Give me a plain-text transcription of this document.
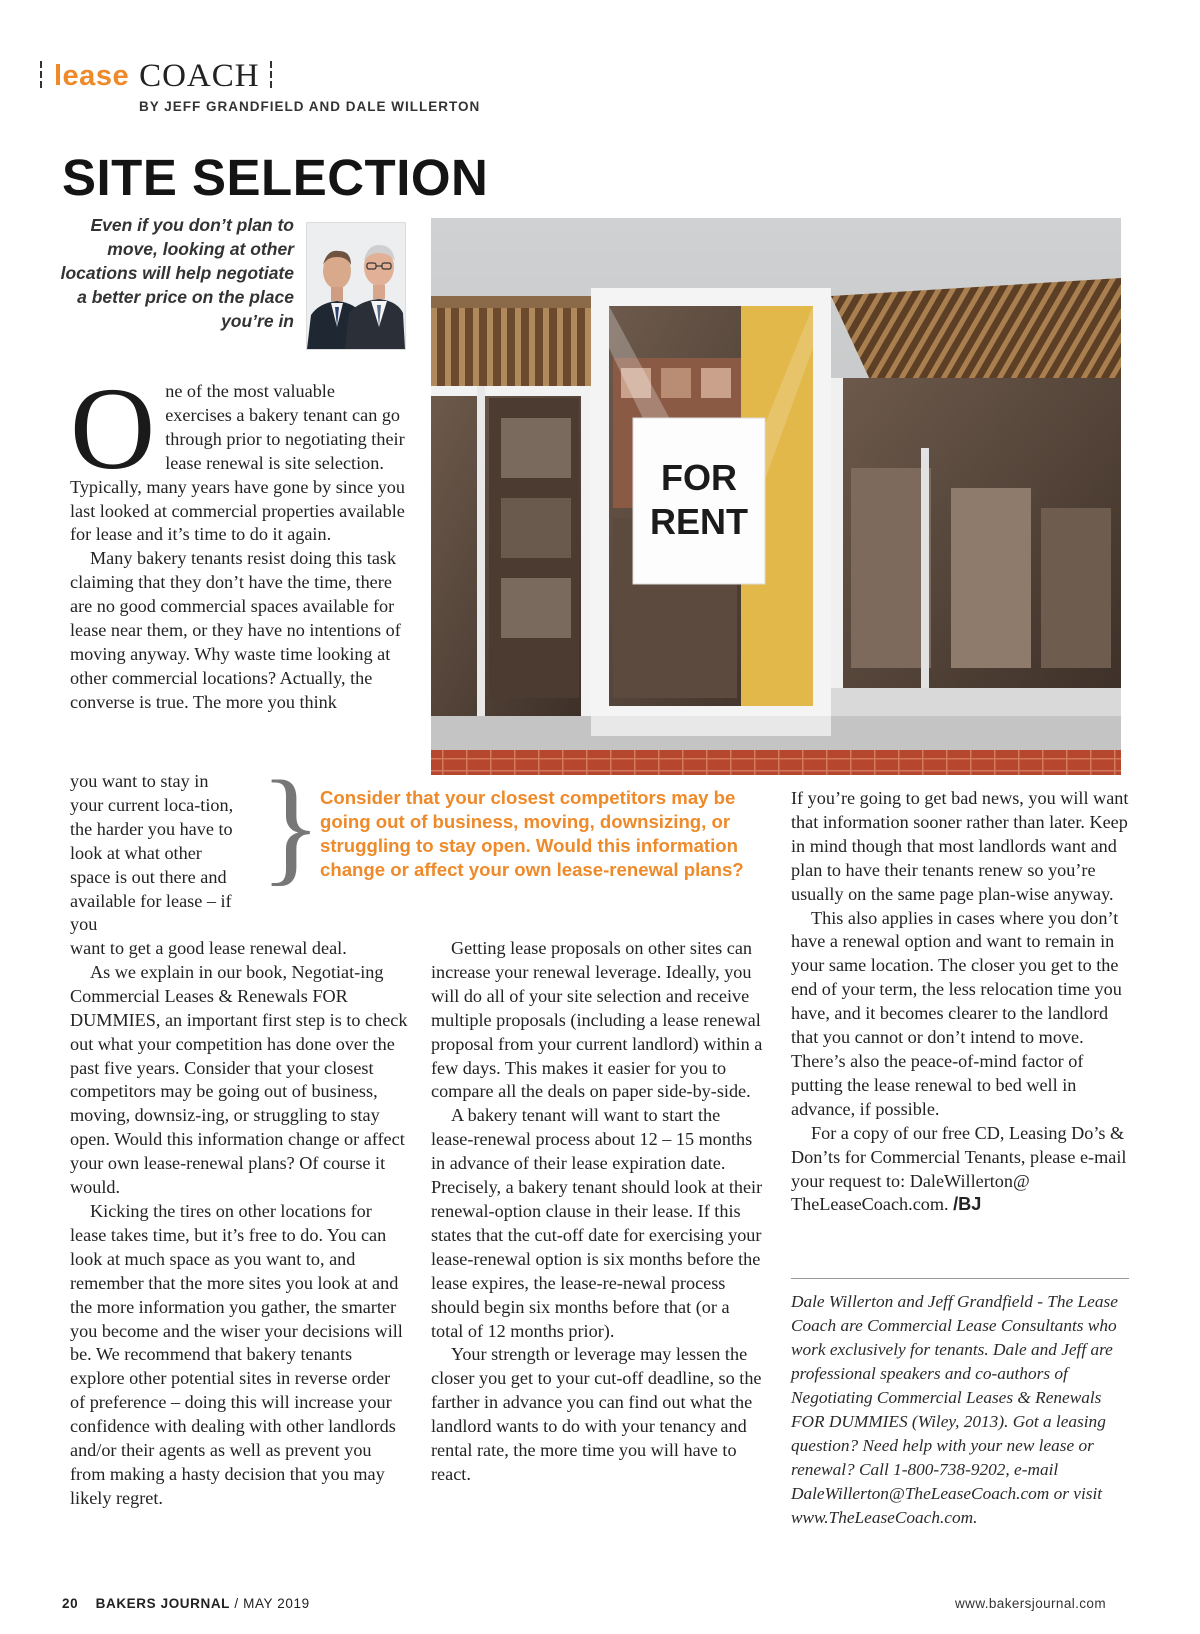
lease COACH
BY JEFF GRANDFIELD AND DALE WILLERTON
SITE SELECTION
Even if you don’t plan to move, looking at other locations will help negotiate a better price on the place you’re in
FOR
RENT
O ne of the most valuable exercises a bakery tenant can go through prior to negotiating their lease renewal is site selection. Typically, many years have gone by since you last looked at commercial properties available for lease and it’s time to do it again.

Many bakery tenants resist doing this task claiming that they don’t have the time, there are no good commercial spaces available for lease near them, or they have no intentions of moving anyway. Why waste time looking at other commercial locations? Actually, the converse is true. The more you think

you want to stay in your current loca-tion, the harder you have to look at what other space is out there and available for lease – if you

want to get a good lease renewal deal.

As we explain in our book, Negotiat-ing Commercial Leases & Renewals FOR DUMMIES, an important first step is to check out what your competition has done over the past five years. Consider that your closest competitors may be going out of business, moving, downsiz-ing, or struggling to stay open. Would this information change or affect your own lease-renewal plans? Of course it would.

Kicking the tires on other locations for lease takes time, but it’s free to do. You can look at much space as you want to, and remember that the more sites you look at and the more information you gather, the smarter you become and the wiser your decisions will be. We recommend that bakery tenants explore other potential sites in reverse order of preference – doing this will increase your confidence with dealing with other landlords and/or their agents as well as prevent you from making a hasty decision that you may likely regret.

}
Consider that your closest competitors may be going out of business, moving, downsizing, or struggling to stay open. Would this information change or affect your own lease-renewal plans?

Getting lease proposals on other sites can increase your renewal leverage. Ideally, you will do all of your site selection and receive multiple proposals (including a lease renewal proposal from your current landlord) within a few days. This makes it easier for you to compare all the deals on paper side-by-side.

A bakery tenant will want to start the lease-renewal process about 12 – 15 months in advance of their lease expiration date. Precisely, a bakery tenant should look at their renewal-option clause in their lease. If this states that the cut-off date for exercising your lease-renewal option is six months before the lease expires, the lease-re-newal process should begin six months before that (or a total of 12 months prior).

Your strength or leverage may lessen the closer you get to your cut-off deadline, so the farther in advance you can find out what the landlord wants to do with your tenancy and rental rate, the more time you will have to react.

If you’re going to get bad news, you will want that information sooner rather than later. Keep in mind though that most landlords want and plan to have their tenants renew so you’re usually on the same page plan-wise anyway.

This also applies in cases where you don’t have a renewal option and want to remain in your same location. The closer you get to the end of your term, the less relocation time you have, and it becomes clearer to the landlord that you cannot or don’t intend to move. There’s also the peace-of-mind factor of putting the lease renewal to bed well in advance, if possible.

For a copy of our free CD, Leasing Do’s & Don’ts for Commercial Tenants, please e-mail your request to: DaleWillerton@ TheLeaseCoach.com. /BJ

Dale Willerton and Jeff Grandfield - The Lease Coach are Commercial Lease Consultants who work exclusively for tenants. Dale and Jeff are professional speakers and co-authors of Negotiating Commercial Leases & Renewals FOR DUMMIES (Wiley, 2013). Got a leasing question? Need help with your new lease or renewal? Call 1-800-738-9202, e-mail DaleWillerton@TheLeaseCoach.com or visit www.TheLeaseCoach.com.
20 BAKERS JOURNAL / MAY 2019	www.bakersjournal.com
